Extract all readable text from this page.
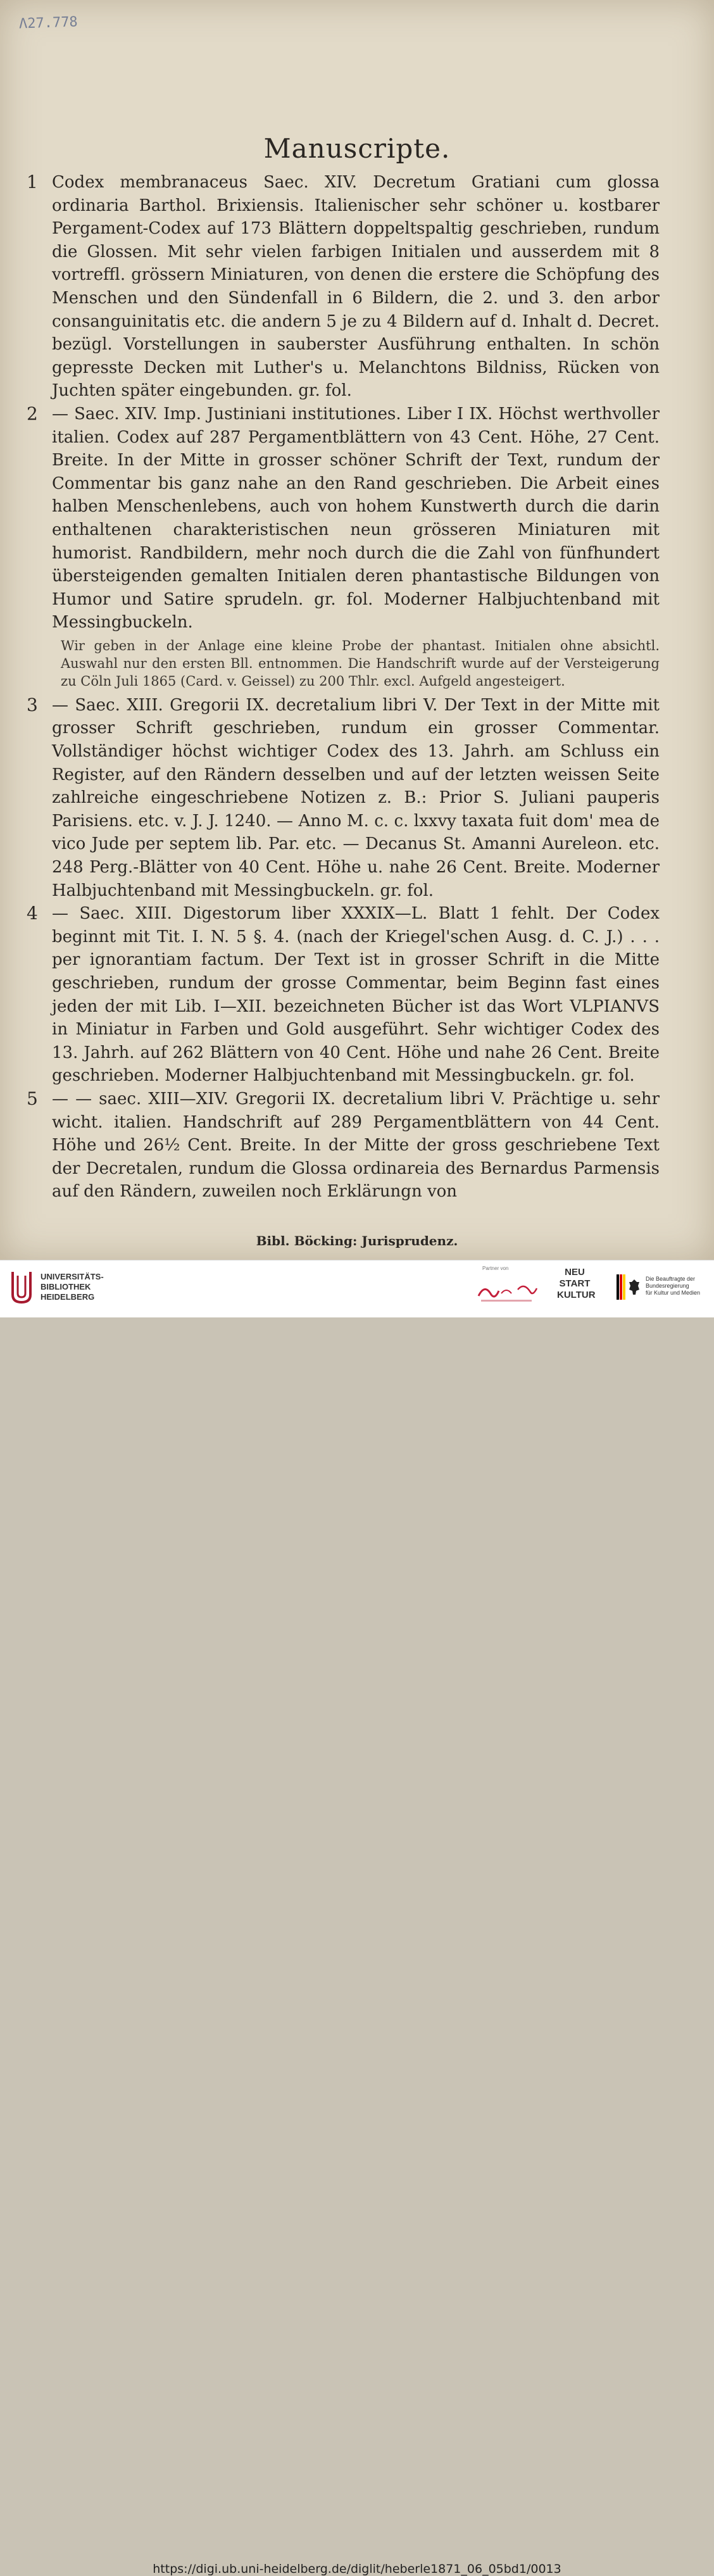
Λ27.778
Manuscripte.
1 Codex membranaceus Saec. XIV. Decretum Gratiani cum glossa ordinaria Barthol. Brixiensis. Italienischer sehr schöner u. kostbarer Pergament-Codex auf 173 Blättern doppeltspaltig geschrieben, rundum die Glossen. Mit sehr vielen farbigen Initialen und ausserdem mit 8 vortreffl. grössern Miniaturen, von denen die erstere die Schöpfung des Menschen und den Sündenfall in 6 Bildern, die 2. und 3. den arbor consanguinitatis etc. die andern 5 je zu 4 Bildern auf d. Inhalt d. Decret. bezügl. Vorstellungen in sauberster Ausführung enthalten. In schön gepresste Decken mit Luther's u. Melanchtons Bildniss, Rücken von Juchten später eingebunden. gr. fol.
2 — Saec. XIV. Imp. Justiniani institutiones. Liber I IX. Höchst werthvoller italien. Codex auf 287 Pergamentblättern von 43 Cent. Höhe, 27 Cent. Breite. In der Mitte in grosser schöner Schrift der Text, rundum der Commentar bis ganz nahe an den Rand geschrieben. Die Arbeit eines halben Menschenlebens, auch von hohem Kunstwerth durch die darin enthaltenen charakteristischen neun grösseren Miniaturen mit humorist. Randbildern, mehr noch durch die die Zahl von fünfhundert übersteigenden gemalten Initialen deren phantastische Bildungen von Humor und Satire sprudeln. gr. fol. Moderner Halbjuchtenband mit Messingbuckeln.
Wir geben in der Anlage eine kleine Probe der phantast. Initialen ohne absichtl. Auswahl nur den ersten Bll. entnommen. Die Handschrift wurde auf der Versteigerung zu Cöln Juli 1865 (Card. v. Geissel) zu 200 Thlr. excl. Aufgeld angesteigert.
3 — Saec. XIII. Gregorii IX. decretalium libri V. Der Text in der Mitte mit grosser Schrift geschrieben, rundum ein grosser Commentar. Vollständiger höchst wichtiger Codex des 13. Jahrh. am Schluss ein Register, auf den Rändern desselben und auf der letzten weissen Seite zahlreiche eingeschriebene Notizen z. B.: Prior S. Juliani pauperis Parisiens. etc. v. J. J. 1240. — Anno M. c. c. lxxvy taxata fuit dom' mea de vico Jude per septem lib. Par. etc. — Decanus St. Amanni Aureleon. etc. 248 Perg.-Blätter von 40 Cent. Höhe u. nahe 26 Cent. Breite. Moderner Halbjuchtenband mit Messingbuckeln. gr. fol.
4 — Saec. XIII. Digestorum liber XXXIX—L. Blatt 1 fehlt. Der Codex beginnt mit Tit. I. N. 5 §. 4. (nach der Kriegel'schen Ausg. d. C. J.) . . . per ignorantiam factum. Der Text ist in grosser Schrift in die Mitte geschrieben, rundum der grosse Commentar, beim Beginn fast eines jeden der mit Lib. I—XII. bezeichneten Bücher ist das Wort VLPIANVS in Miniatur in Farben und Gold ausgeführt. Sehr wichtiger Codex des 13. Jahrh. auf 262 Blättern von 40 Cent. Höhe und nahe 26 Cent. Breite geschrieben. Moderner Halbjuchtenband mit Messingbuckeln. gr. fol.
5 — — saec. XIII—XIV. Gregorii IX. decretalium libri V. Prächtige u. sehr wicht. italien. Handschrift auf 289 Pergamentblättern von 44 Cent. Höhe und 26½ Cent. Breite. In der Mitte der gross geschriebene Text der Decretalen, rundum die Glossa ordinareia des Bernardus Parmensis auf den Rändern, zuweilen noch Erklärungn von
Bibl. Böcking: Jurisprudenz.
UNIVERSITÄTS-
BIBLIOTHEK
HEIDELBERG
Partner von	NEU
START
KULTUR
Die Beauftragte der Bundesregierung
für Kultur und Medien
https://digi.ub.uni-heidelberg.de/diglit/heberle1871_06_05bd1/0013
